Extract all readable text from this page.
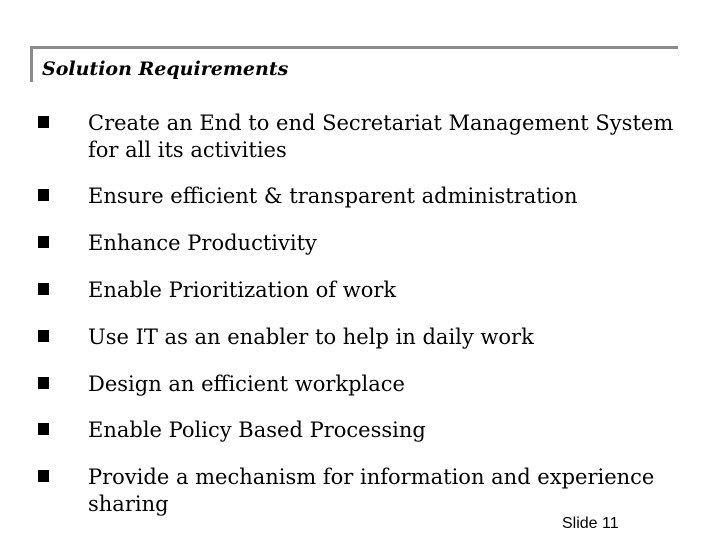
Solution Requirements
Create an End to end Secretariat Management System for all its activities
Ensure efficient & transparent administration
Enhance Productivity
Enable Prioritization of work
Use IT as an enabler to help in daily work
Design an efficient workplace
Enable Policy Based Processing
Provide a mechanism for information and experience sharing
Slide 11
